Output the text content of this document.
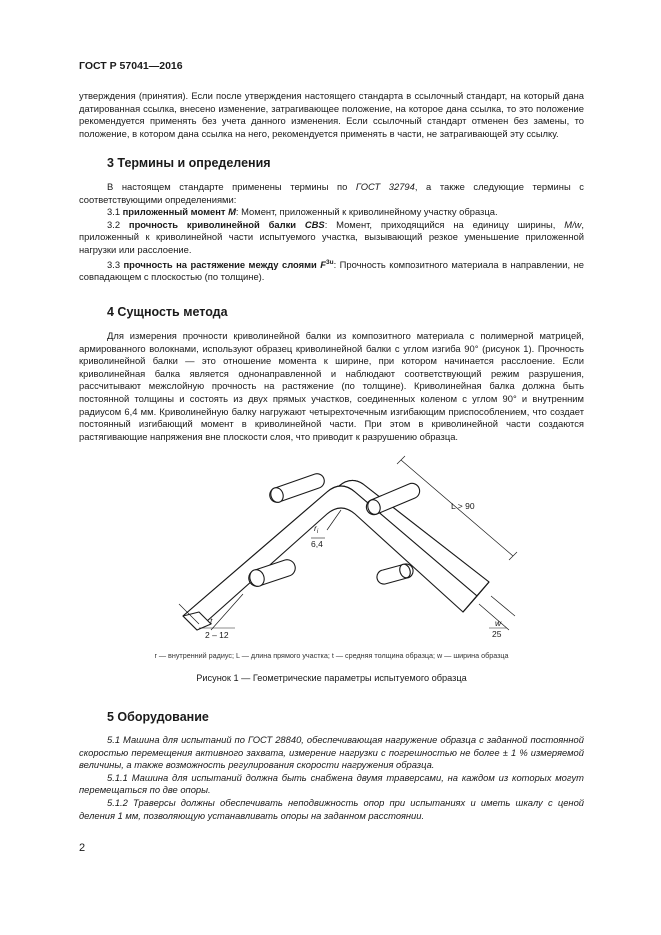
ГОСТ Р 57041—2016

утверждения (принятия). Если после утверждения настоящего стандарта в ссылочный стандарт, на который дана датированная ссылка, внесено изменение, затрагивающее положение, на которое дана ссылка, то это положение рекомендуется применять без учета данного изменения. Если ссылочный стандарт отменен без замены, то положение, в котором дана ссылка на него, рекомендуется применять в части, не затрагивающей эту ссылку.

3 Термины и определения

В настоящем стандарте применены термины по ГОСТ 32794, а также следующие термины с соответствующими определениями:

3.1 приложенный момент M: Момент, приложенный к криволинейному участку образца.

3.2 прочность криволинейной балки CBS: Момент, приходящийся на единицу ширины, M/w, приложенный к криволинейной части испытуемого участка, вызывающий резкое уменьшение приложенной нагрузки или расслоение.

3.3 прочность на растяжение между слоями $F^{3u}$: Прочность композитного материала в направлении, не совпадающем с плоскостью (по толщине).

4 Сущность метода

Для измерения прочности криволинейной балки из композитного материала с полимерной матрицей, армированного волокнами, используют образец криволинейной балки с углом изгиба 90° (рисунок 1). Прочность криволинейной балки — это отношение момента к ширине, при котором начинается расслоение. Если криволинейная балка является однонаправленной и наблюдают соответствующий режим разрушения, рассчитывают межслойную прочность на растяжение (по толщине). Криволинейная балка должна быть постоянной толщины и состоять из двух прямых участков, соединенных коленом с углом 90° и внутренним радиусом 6,4 мм. Криволинейную балку нагружают четырехточечным изгибающим приспособлением, что создает постоянный изгибающий момент в криволинейной части. При этом в криволинейной части создаются растягивающие напряжения вне плоскости слоя, что приводит к разрушению образца.

L > 90
$r_i$
6,4
t
2 – 12
w
25
r — внутренний радиус; L — длина прямого участка; t — средняя толщина образца; w — ширина образца
Рисунок 1 — Геометрические параметры испытуемого образца
5 Оборудование

5.1 Машина для испытаний по ГОСТ 28840, обеспечивающая нагружение образца с заданной постоянной скоростью перемещения активного захвата, измерение нагрузки с погрешностью не более ± 1 % измеряемой величины, а также возможность регулирования скорости нагружения образца.

5.1.1 Машина для испытаний должна быть снабжена двумя траверсами, на каждом из которых могут перемещаться по две опоры.

5.1.2 Траверсы должны обеспечивать неподвижность опор при испытаниях и иметь шкалу с ценой деления 1 мм, позволяющую устанавливать опоры на заданном расстоянии.

2
